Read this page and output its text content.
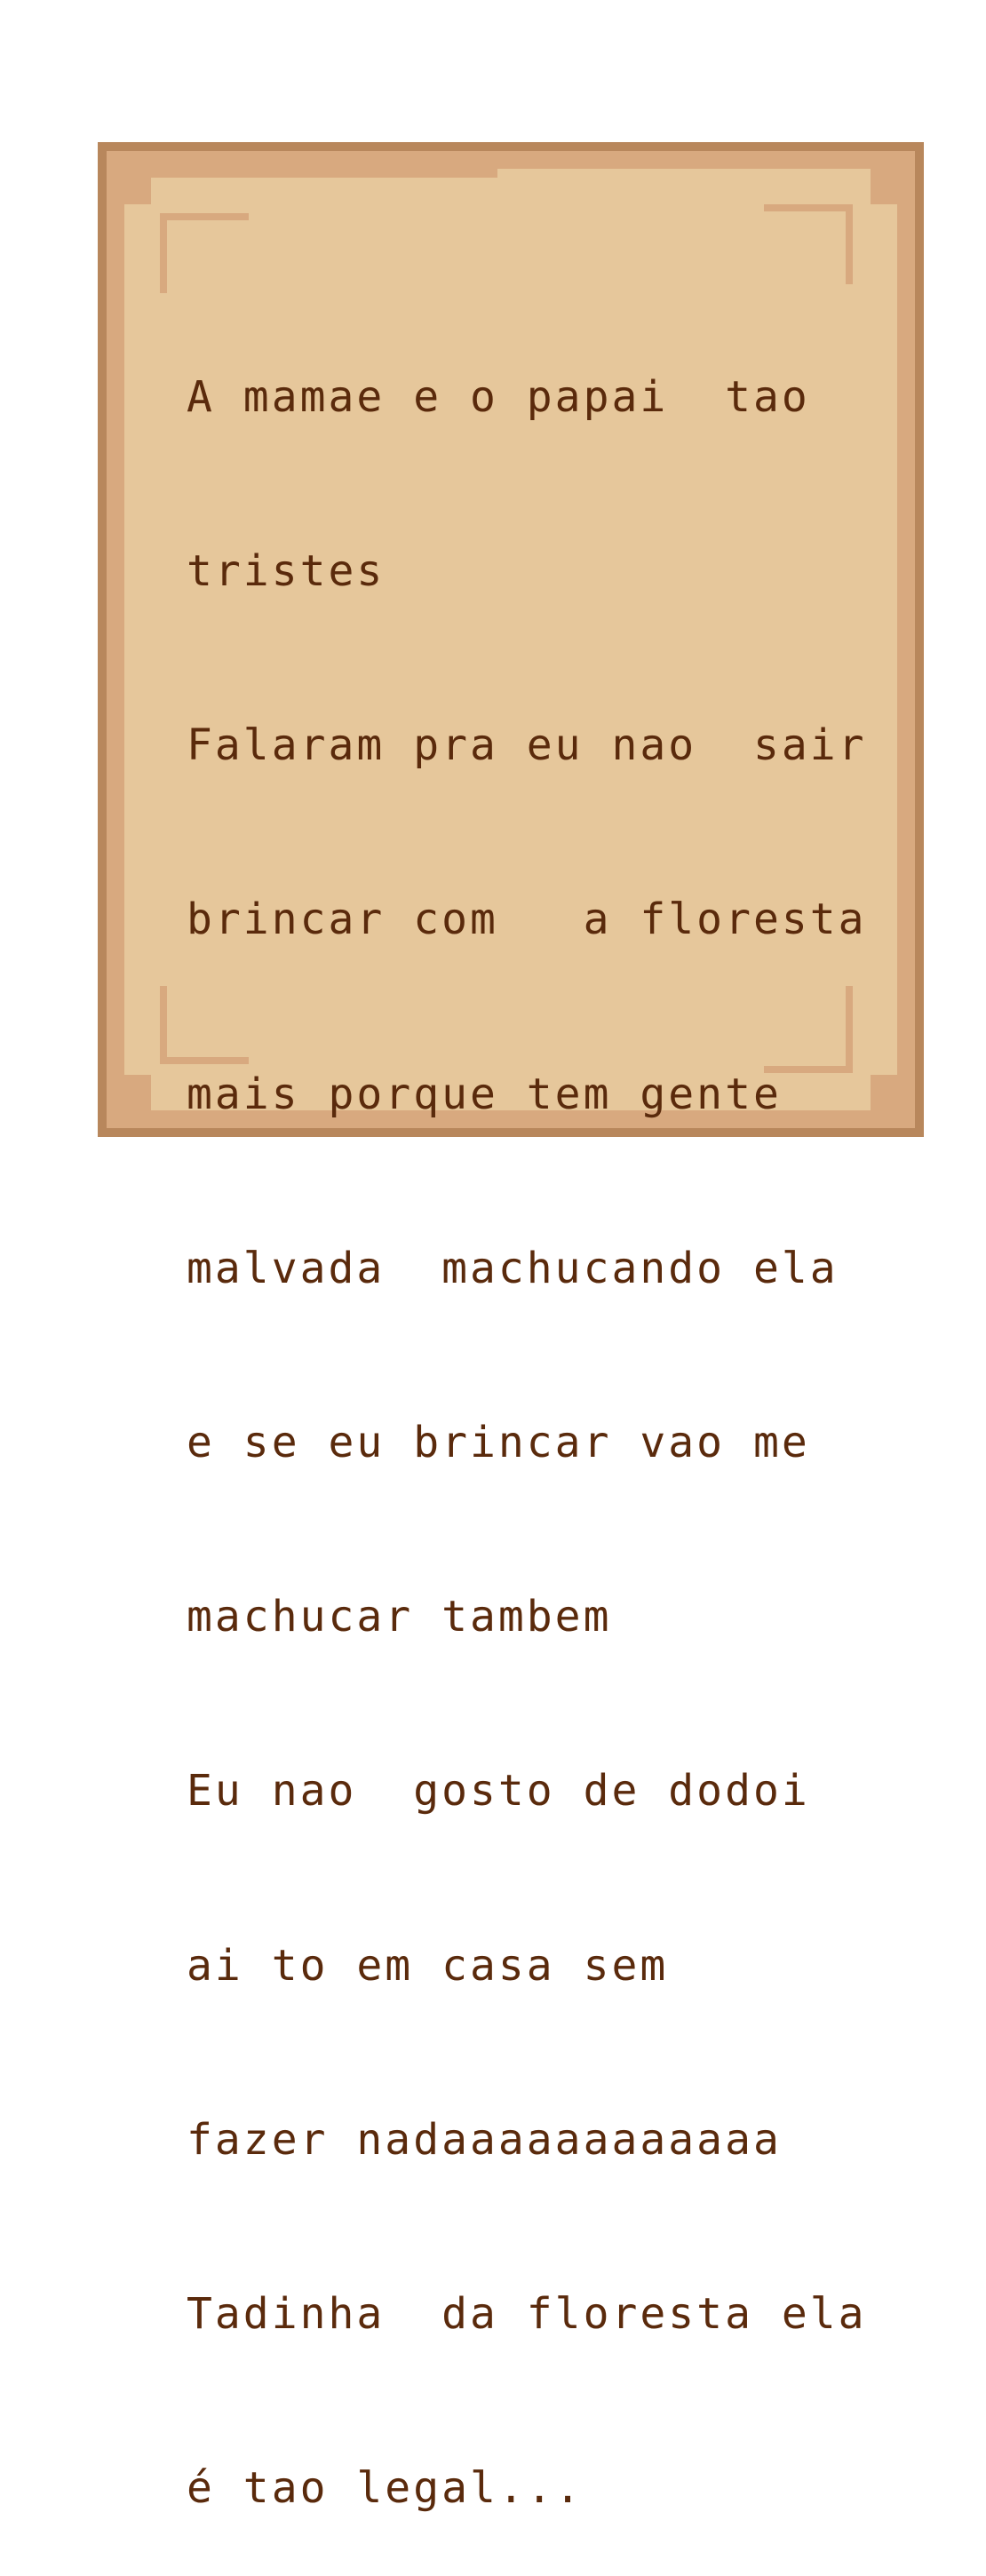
A mamae e o papai  tao

tristes

Falaram pra eu nao  sair

brincar com   a floresta

mais porque tem gente

malvada  machucando ela

e se eu brincar vao me

machucar tambem

Eu nao  gosto de dodoi

ai to em casa sem

fazer nadaaaaaaaaaaaa

Tadinha  da floresta ela

é tao legal...
